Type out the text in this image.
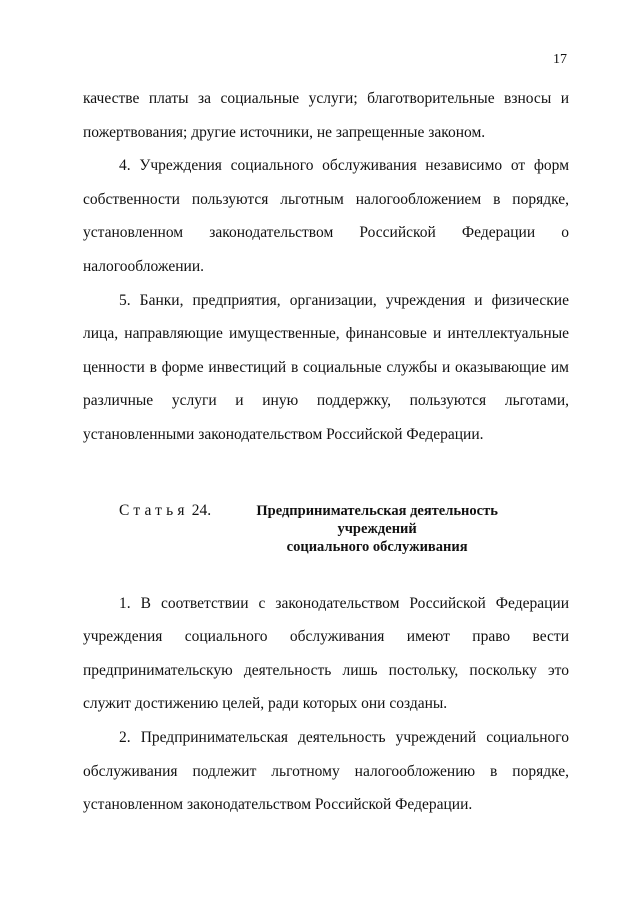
17

качестве платы за социальные услуги; благотворительные взносы и пожертвования; другие источники, не запрещенные законом.

4. Учреждения социального обслуживания независимо от форм собственности пользуются льготным налогообложением в порядке, установленном законодательством Российской Федерации о налогообложении.

5. Банки, предприятия, организации, учреждения и физические лица, направляющие имущественные, финансовые и интеллектуальные ценности в форме инвестиций в социальные службы и оказывающие им различные услуги и иную поддержку, пользуются льготами, установленными законодательством Российской Федерации.

Статья 24.	Предпринимательская деятельность учреждений
социального обслуживания

1. В соответствии с законодательством Российской Федерации учреждения социального обслуживания имеют право вести предпринимательскую деятельность лишь постольку, поскольку это служит достижению целей, ради которых они созданы.

2. Предпринимательская деятельность учреждений социального обслуживания подлежит льготному налогообложению в порядке, установленном законодательством Российской Федерации.
